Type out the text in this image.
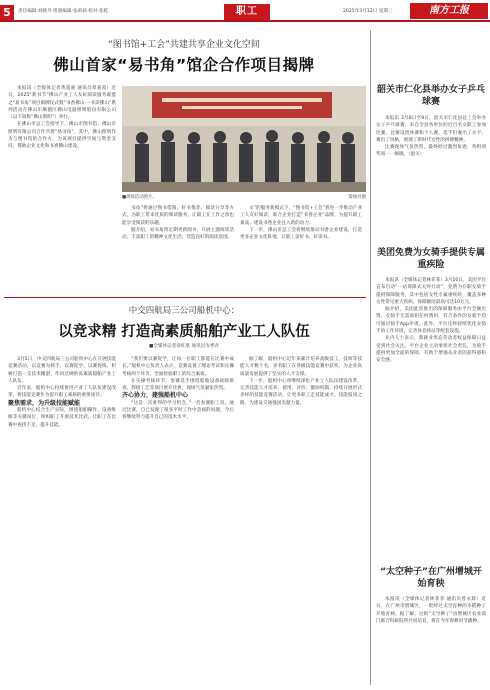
5	责任编辑:刘晓丹 组版编辑:张莉莉 校对:张乾	职工	2025年3月12日 星期三	南方工报
“图书馆+工会”共建共享企业文化空间
佛山首家“易书角”馆企合作项目揭牌

本报讯（全媒体记者黄超嘉 通讯员覃嘉茵）近日，2025“新书节”佛山产业工人友好阅读服务联盟之“易书角”项目揭牌仪式暨“书香佛山·一书读佛山”系列活动在佛山市顺德区佛山电器照明股份有限公司（以下简称“佛山照明”）举行。

在佛山市总工会指导下，佛山市图书馆、佛山市照明有限公司合作共建“易书角”，其中，佛山照明作为与图书馆的合作方，为该项目提供空间与资金支持，帮助企业文化和书香佛山建设。

■现场活动照片。	黎俊祥摄

书角”将通过图书借阅、好书推荐、阅读分享等方式，为职工带来优质的阅读服务，让职工在工作之余也能享受阅读的乐趣。

据介绍，易书角将定期更新图书，开展主题阅读活动，丰富职工的精神文化生活，营造良好的阅读氛围。

文”的服务新模式下，“图书馆+工会”将进一步推动产业工人友好阅读，联合企业打造“书香企业”品牌，为提升职工素质、建设书香企业注入新的动力。

下一步，佛山市总工会将继续推动书香企业建设，打造更多企业文化阵地，让职工读好书、好读书。

韶关市仁化县举办女子乒乓球赛

本报讯 3月8日至9日，韶关市仁化县总工会举办女子乒乓球赛，来自全县各单位的近百名女职工参加比赛。比赛设团体赛和个人赛，选手们赛出了水平、赛出了风格，展现了新时代女性的拼搏精神。

比赛现场气氛热烈，最终经过激烈角逐，各组别奖项一一揭晓。（韶关）

美团免费为女骑手提供专属重疾险

本报讯（全媒体记者林菲菲）3月10日，美团平台宣布启动“一站保障式关怀行动”，免费为在职女骑手提供保障服务，其中包括女性专属重疾险，覆盖多种女性常见重大疾病，保障额度最高可达10万元。

据介绍，美团此次推出的保障服务由平台全额出资，女骑手无需承担任何费用，符合条件的女骑手均可通过骑手App申请。此外，平台还将持续优化女骑手的工作环境，完善休息驿站等配套设施。

业内人士表示，新就业形态劳动者权益保障日益受到社会关注，平台企业主动承担社会责任，为骑手提供更加全面的保障，有助于增强从业者的获得感和安全感。

“太空种子”在广州增城开始育秧

本报讯（全媒体记者林菲菲 通讯员曾永辉）近日，在广州市增城区，一批经过太空育种的水稻种子开始育秧。据了解，这批“太空种子”由增城区农业部门联合科研院所共同培育，将在今年春耕时节播种。

中交四航局三公司船机中心：
以竞求精 打造高素质船舶产业工人队伍
■全媒体记者徐旺康 通讯员岑季青

3月5日，中交四航局三公司船机中心在开展技能竞赛活动，以竞赛为抓手，以赛促学、以赛促练，积极打造一支技术精湛、作风过硬的高素质船舶产业工人队伍。

近年来，船机中心持续推进产业工人队伍建设改革，将技能竞赛作为提升职工素质的重要途径。

聚焦需求，为升级技能赋能

船机中心结合生产实际，围绕船舶操作、设备维修等关键岗位，组织职工开展技术比武，让职工在比赛中查找不足、提升技能。

“我们要以赛促学，让每一位职工都能在比赛中成长。”船机中心负责人表示，竞赛设置了理论考试和实操考核两个环节，全面检验职工的综合素质。

在实操考核环节，参赛选手围绕船舶设备故障排查、焊接工艺等项目展开比拼，现场气氛紧张热烈。

齐心协力，建强船机中心

“这是一次难得的学习机会。”一名参赛职工说，通过比赛，自己发现了很多平时工作中忽视的问题，今后将继续努力提升自己的技术水平。

据了解，船机中心近年来累计培养高级技工、技师等技能人才数十名，多名职工在各级技能竞赛中获奖，为企业高质量发展提供了坚实的人才支撑。

下一步，船机中心将继续深化产业工人队伍建设改革，完善技能人才培养、使用、评价、激励机制，持续开展形式多样的技能竞赛活动，让更多职工走技能成才、技能报国之路，为建设交通强国贡献力量。
